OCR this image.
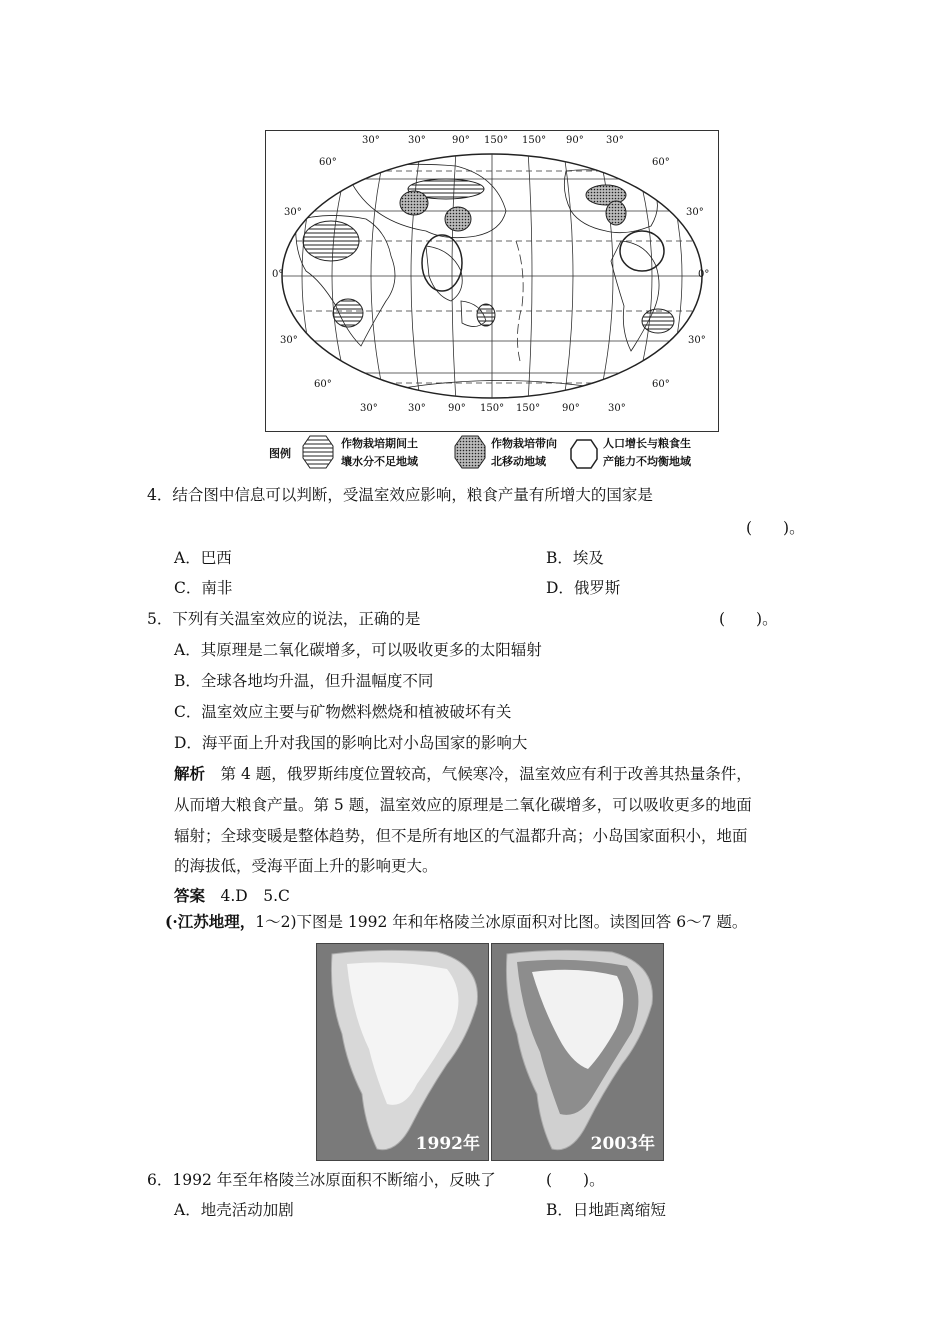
30°	30°	90° 150° 150° 90° 30°
30°	30° 90° 150° 150° 90°	30°
60°
30°
0°
30°
60°
60°
30°
0°
30°
60°
图例
作物栽培期间土
壤水分不足地域
作物栽培带向
北移动地域
人口增长与粮食生
产能力不均衡地域
4．结合图中信息可以判断，受温室效应影响，粮食产量有所增大的国家是
(　　)。
A．巴西	B．埃及
C．南非	D．俄罗斯
5．下列有关温室效应的说法，正确的是	(　　)。
A．其原理是二氧化碳增多，可以吸收更多的太阳辐射
B．全球各地均升温，但升温幅度不同
C．温室效应主要与矿物燃料燃烧和植被破坏有关
D．海平面上升对我国的影响比对小岛国家的影响大
解析　第 4 题，俄罗斯纬度位置较高，气候寒冷，温室效应有利于改善其热量条件，
从而增大粮食产量。第 5 题，温室效应的原理是二氧化碳增多，可以吸收更多的地面
辐射；全球变暖是整体趋势，但不是所有地区的气温都升高；小岛国家面积小，地面
的海拔低，受海平面上升的影响更大。
答案　4.D　5.C
(·江苏地理，1～2)下图是 1992 年和年格陵兰冰原面积对比图。读图回答 6～7 题。
1992年	2003年
6．1992 年至年格陵兰冰原面积不断缩小，反映了	(　　)。
A．地壳活动加剧	B．日地距离缩短
